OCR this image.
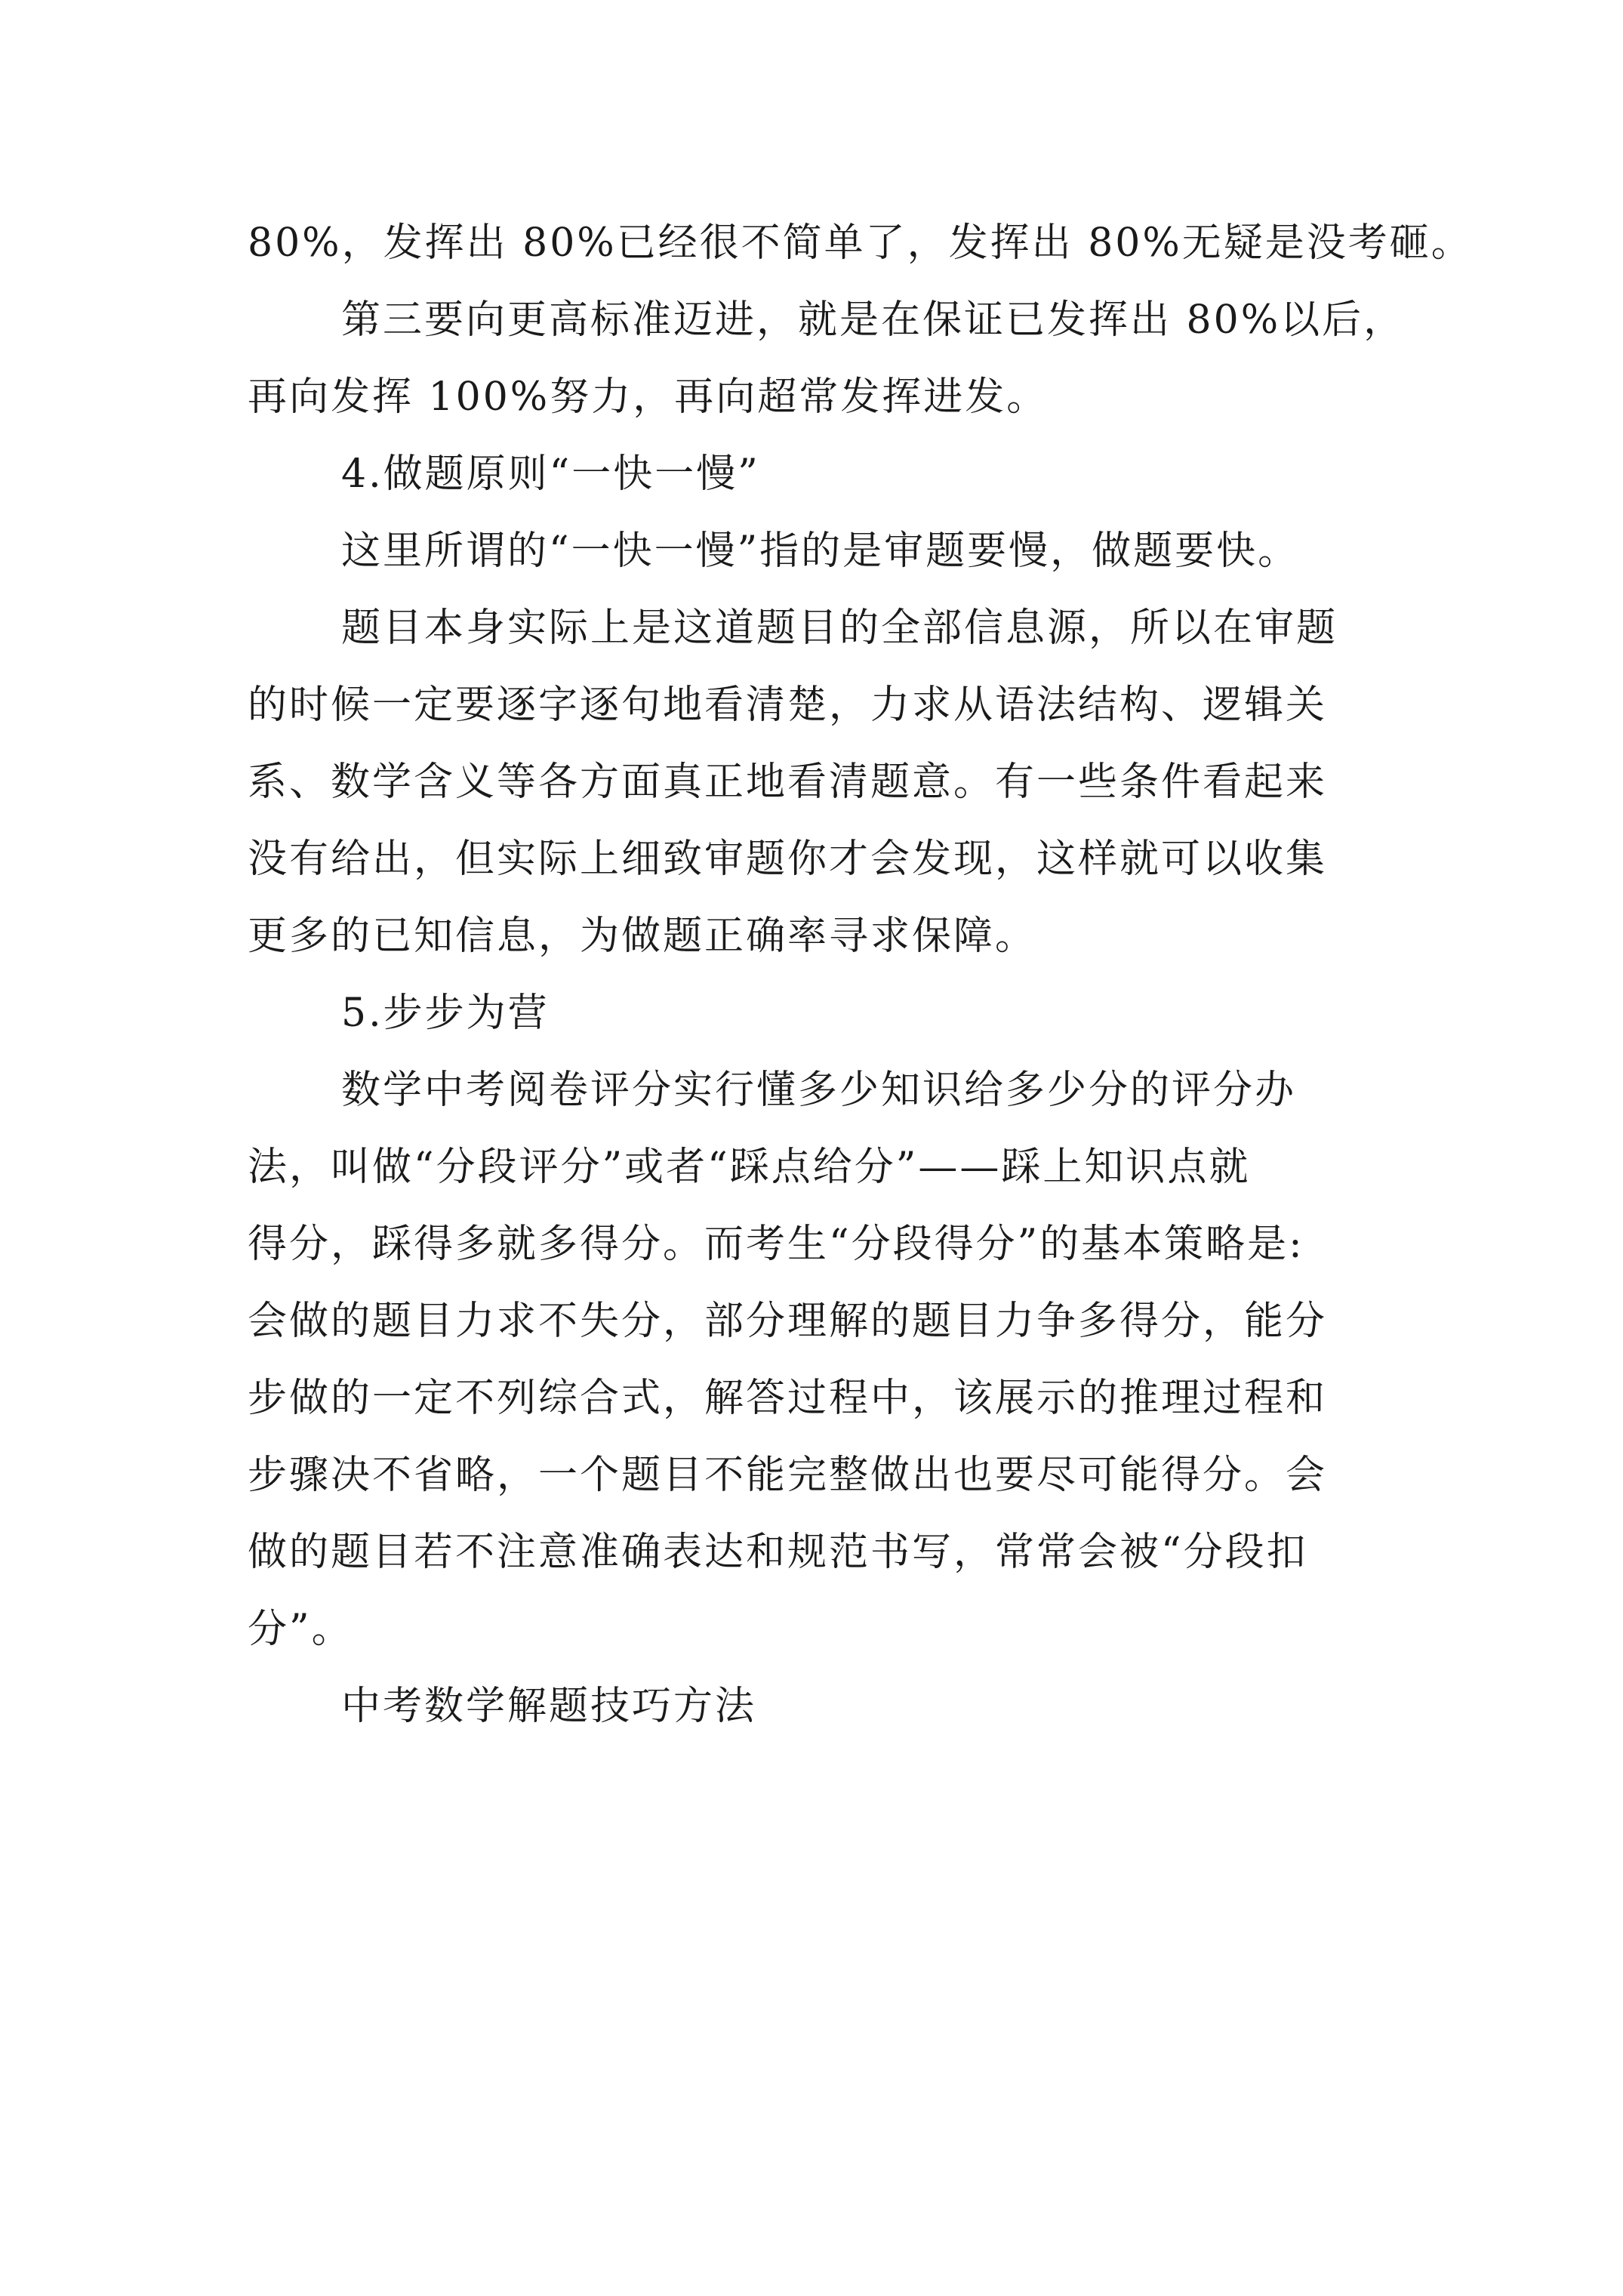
80%，发挥出 80%已经很不简单了，发挥出 80%无疑是没考砸。
第三要向更高标准迈进，就是在保证已发挥出 80%以后，
再向发挥 100%努力，再向超常发挥进发。
4.做题原则“一快一慢”
这里所谓的“一快一慢”指的是审题要慢，做题要快。
题目本身实际上是这道题目的全部信息源，所以在审题
的时候一定要逐字逐句地看清楚，力求从语法结构、逻辑关
系、数学含义等各方面真正地看清题意。有一些条件看起来
没有给出，但实际上细致审题你才会发现，这样就可以收集
更多的已知信息，为做题正确率寻求保障。
5.步步为营
数学中考阅卷评分实行懂多少知识给多少分的评分办
法，叫做“分段评分”或者“踩点给分”——踩上知识点就
得分，踩得多就多得分。而考生“分段得分”的基本策略是:
会做的题目力求不失分，部分理解的题目力争多得分，能分
步做的一定不列综合式，解答过程中，该展示的推理过程和
步骤决不省略，一个题目不能完整做出也要尽可能得分。会
做的题目若不注意准确表达和规范书写，常常会被“分段扣
分”。
中考数学解题技巧方法
